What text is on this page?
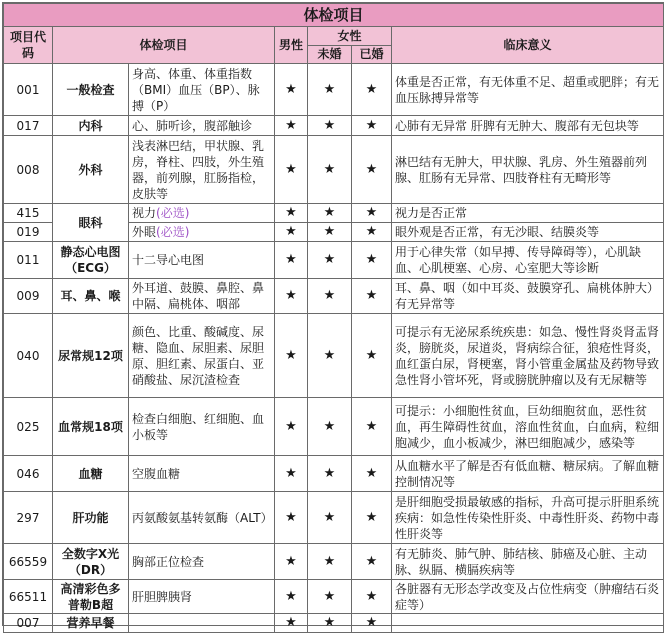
体检项目						
项目代码	体检项目		男性	女性		临床意义
				未婚	已婚	
001	一般检查	身高、体重、体重指数（BMI）血压（BP）、脉搏（P）	★	★	★	体重是否正常，有无体重不足、超重或肥胖；有无血压脉搏异常等
017	内科	心、肺听诊，腹部触诊	★	★	★	心肺有无异常 肝脾有无肿大、腹部有无包块等
008	外科	浅表淋巴结，甲状腺、乳房，脊柱、四肢，外生殖器，前列腺，肛肠指检，皮肤等	★	★	★	淋巴结有无肿大，甲状腺、乳房、外生殖器前列腺、肛肠有无异常、四肢脊柱有无畸形等
415	眼科	视力(必选)	★	★	★	视力是否正常
019		外眼(必选)	★	★	★	眼外观是否正常，有无沙眼、结膜炎等
011	静态心电图（ECG）	十二导心电图	★	★	★	用于心律失常（如早搏、传导障碍等），心肌缺血、心肌梗塞、心房、心室肥大等诊断
009	耳、鼻、喉	外耳道、鼓膜、鼻腔、鼻中隔、扁桃体、咽部	★	★	★	耳、鼻、咽（如中耳炎、鼓膜穿孔、扁桃体肿大）有无异常等
040	尿常规12项	颜色、比重、酸碱度、尿糖、隐血、尿胆素、尿胆原、胆红素、尿蛋白、亚硝酸盐、尿沉渣检查	★	★	★	可提示有无泌尿系统疾患：如急、慢性肾炎肾盂肾炎，膀胱炎，尿道炎，肾病综合征，狼疮性肾炎，血红蛋白尿，肾梗塞，肾小管重金属盐及药物导致急性肾小管坏死，肾或膀胱肿瘤以及有无尿糖等
025	血常规18项	检查白细胞、红细胞、血小板等	★	★	★	可提示：小细胞性贫血，巨幼细胞贫血，恶性贫血，再生障碍性贫血，溶血性贫血，白血病，粒细胞减少，血小板减少，淋巴细胞减少，感染等
046	血糖	空腹血糖	★	★	★	从血糖水平了解是否有低血糖、糖尿病。了解血糖控制情况等
297	肝功能	丙氨酸氨基转氨酶（ALT）	★	★	★	是肝细胞受损最敏感的指标，升高可提示肝胆系统疾病：如急性传染性肝炎、中毒性肝炎、药物中毒性肝炎等
66559	全数字X光（DR）	胸部正位检查	★	★	★	有无肺炎、肺气肿、肺结核、肺癌及心脏、主动脉、纵膈、横膈疾病等
66511	高清彩色多普勒B超	肝胆脾胰肾	★	★	★	各脏器有无形态学改变及占位性病变（肿瘤结石炎症等）
007	营养早餐		★	★	★	
